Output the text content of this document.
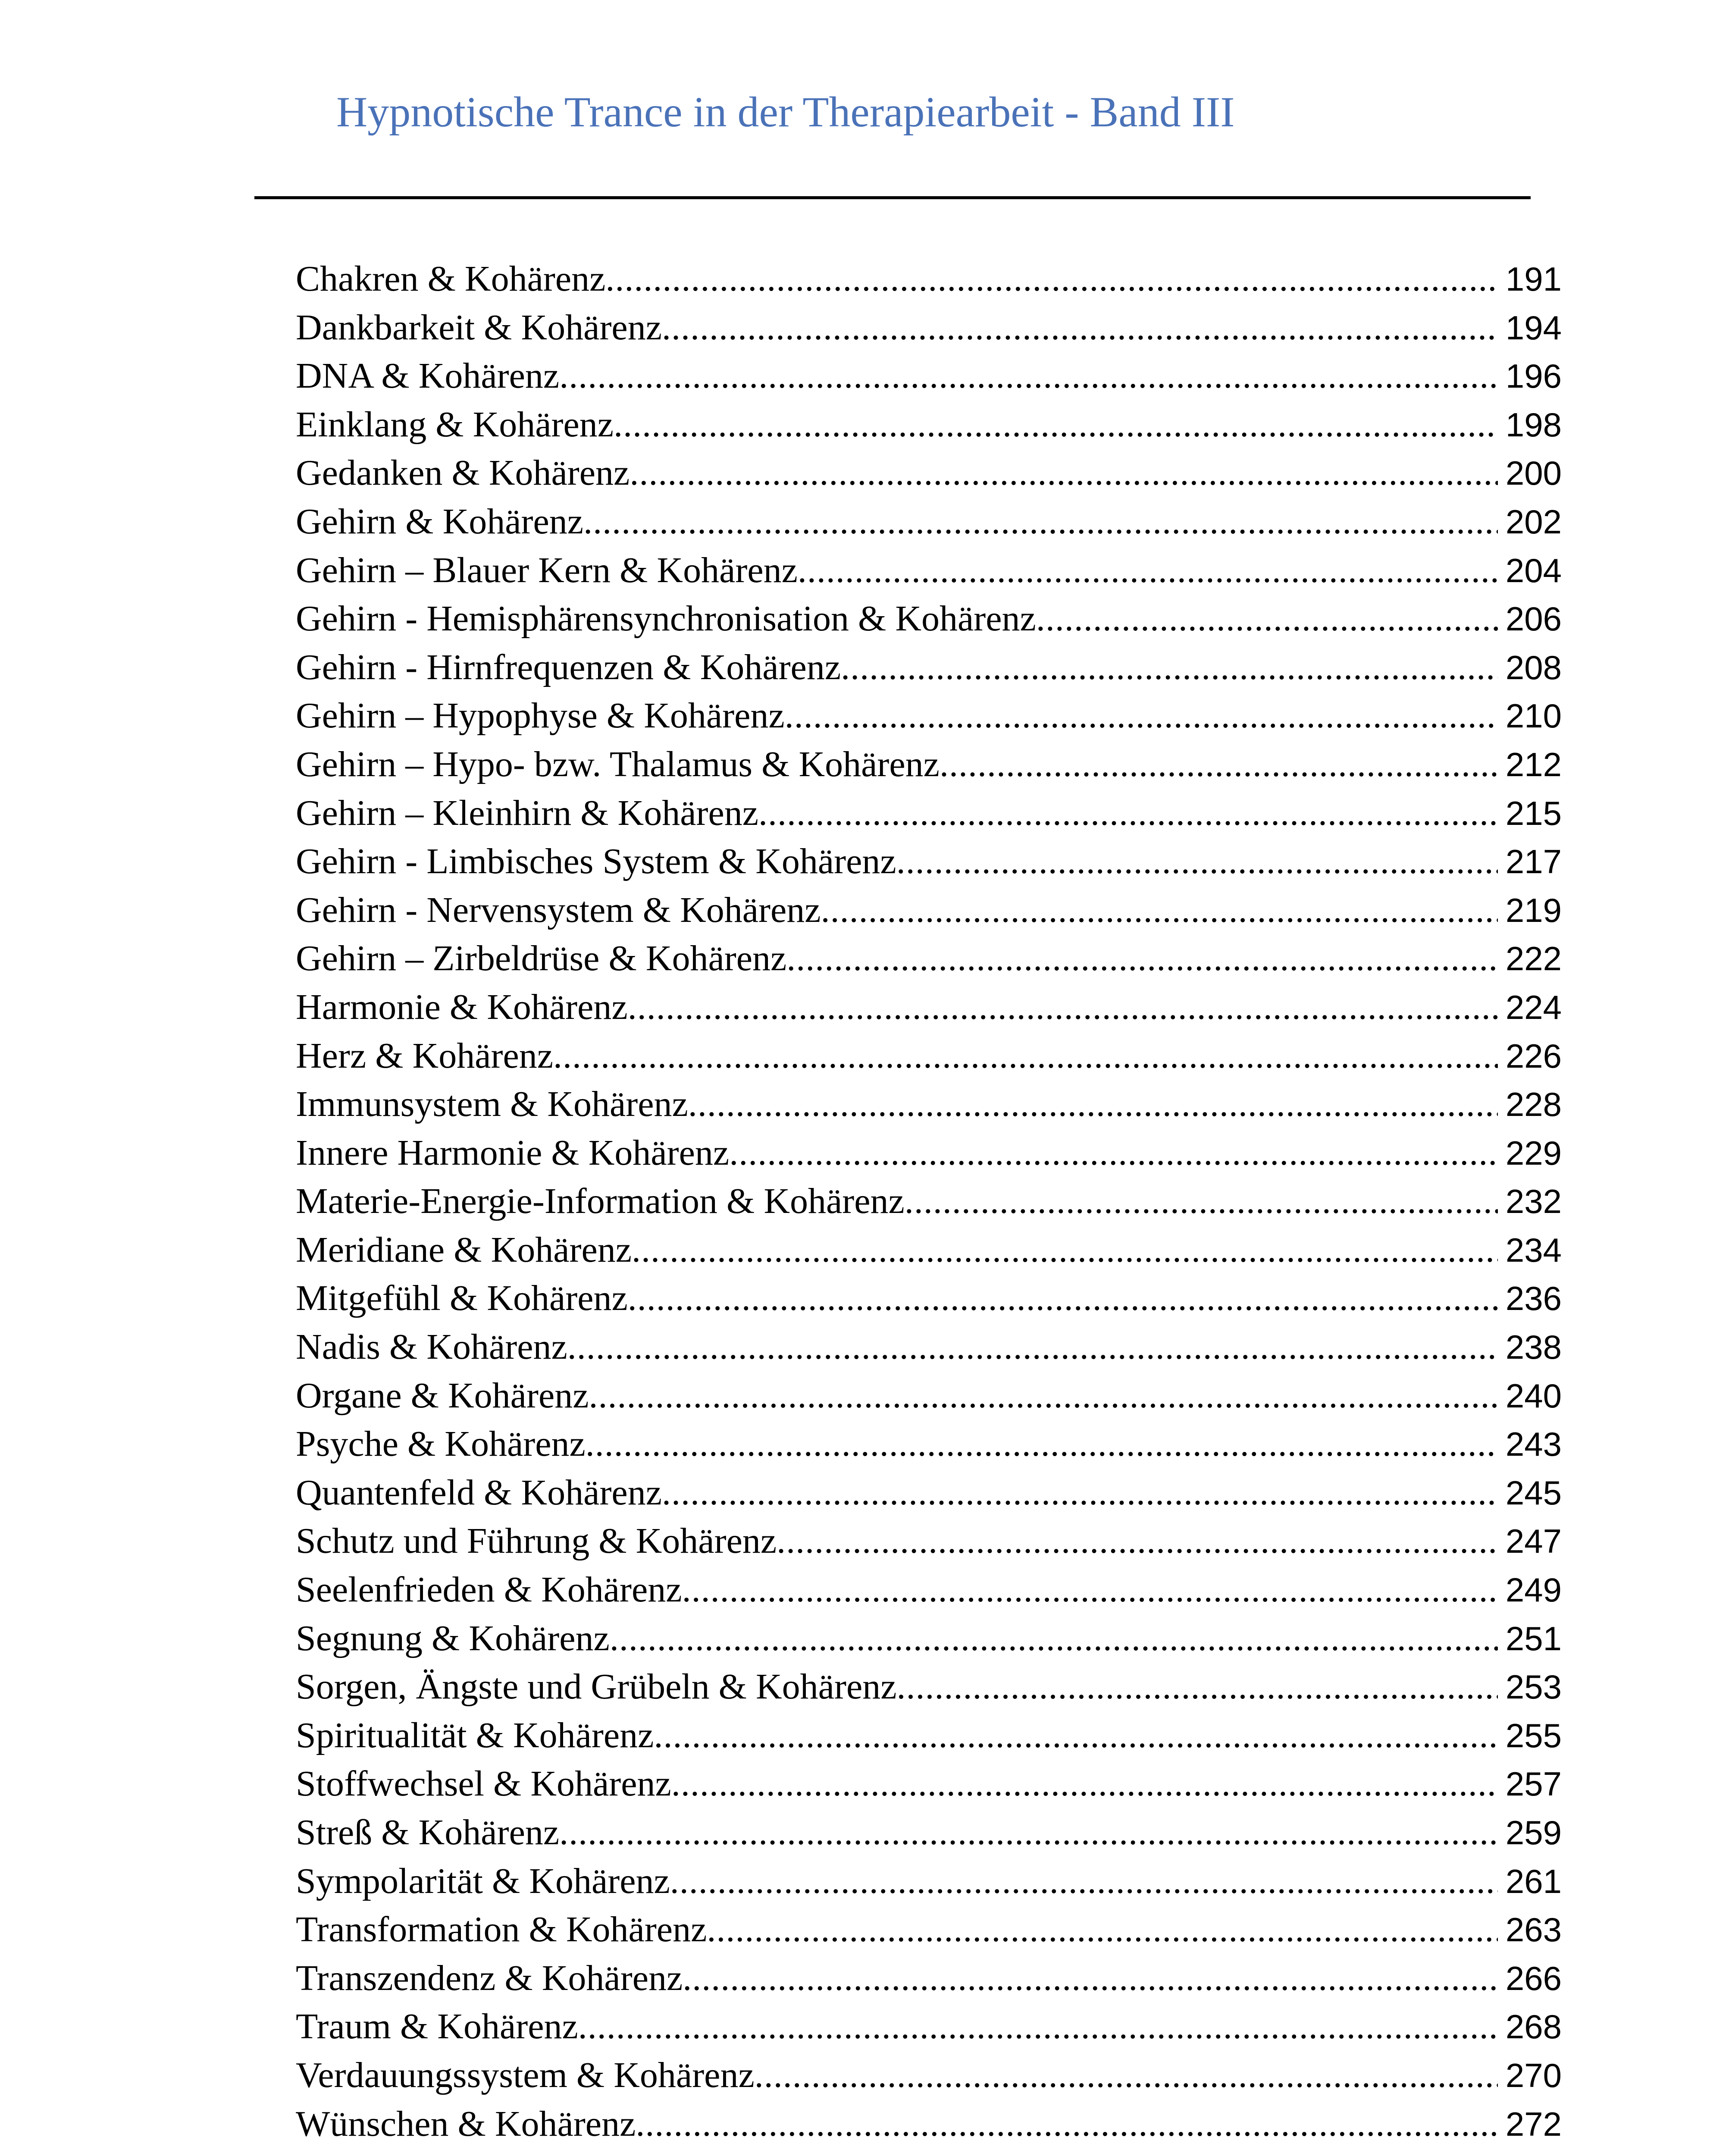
Hypnotische Trance in der Therapiearbeit - Band III
Chakren & Kohärenz .....	191
Dankbarkeit & Kohärenz .....	194
DNA & Kohärenz .....	196
Einklang & Kohärenz .....	198
Gedanken & Kohärenz .....	200
Gehirn & Kohärenz .....	202
Gehirn – Blauer Kern & Kohärenz .....	204
Gehirn - Hemisphärensynchronisation & Kohärenz .....	206
Gehirn - Hirnfrequenzen & Kohärenz .....	208
Gehirn – Hypophyse & Kohärenz .....	210
Gehirn – Hypo- bzw. Thalamus & Kohärenz .....	212
Gehirn – Kleinhirn & Kohärenz .....	215
Gehirn - Limbisches System & Kohärenz .....	217
Gehirn - Nervensystem & Kohärenz .....	219
Gehirn – Zirbeldrüse & Kohärenz .....	222
Harmonie & Kohärenz .....	224
Herz & Kohärenz .....	226
Immunsystem & Kohärenz .....	228
Innere Harmonie & Kohärenz .....	229
Materie-Energie-Information & Kohärenz .....	232
Meridiane & Kohärenz .....	234
Mitgefühl & Kohärenz .....	236
Nadis & Kohärenz .....	238
Organe & Kohärenz .....	240
Psyche & Kohärenz .....	243
Quantenfeld & Kohärenz .....	245
Schutz und Führung & Kohärenz .....	247
Seelenfrieden & Kohärenz .....	249
Segnung & Kohärenz .....	251
Sorgen, Ängste und Grübeln & Kohärenz .....	253
Spiritualität & Kohärenz .....	255
Stoffwechsel & Kohärenz .....	257
Streß & Kohärenz .....	259
Sympolarität & Kohärenz .....	261
Transformation & Kohärenz .....	263
Transzendenz & Kohärenz .....	266
Traum & Kohärenz .....	268
Verdauungssystem & Kohärenz .....	270
Wünschen & Kohärenz .....	272
